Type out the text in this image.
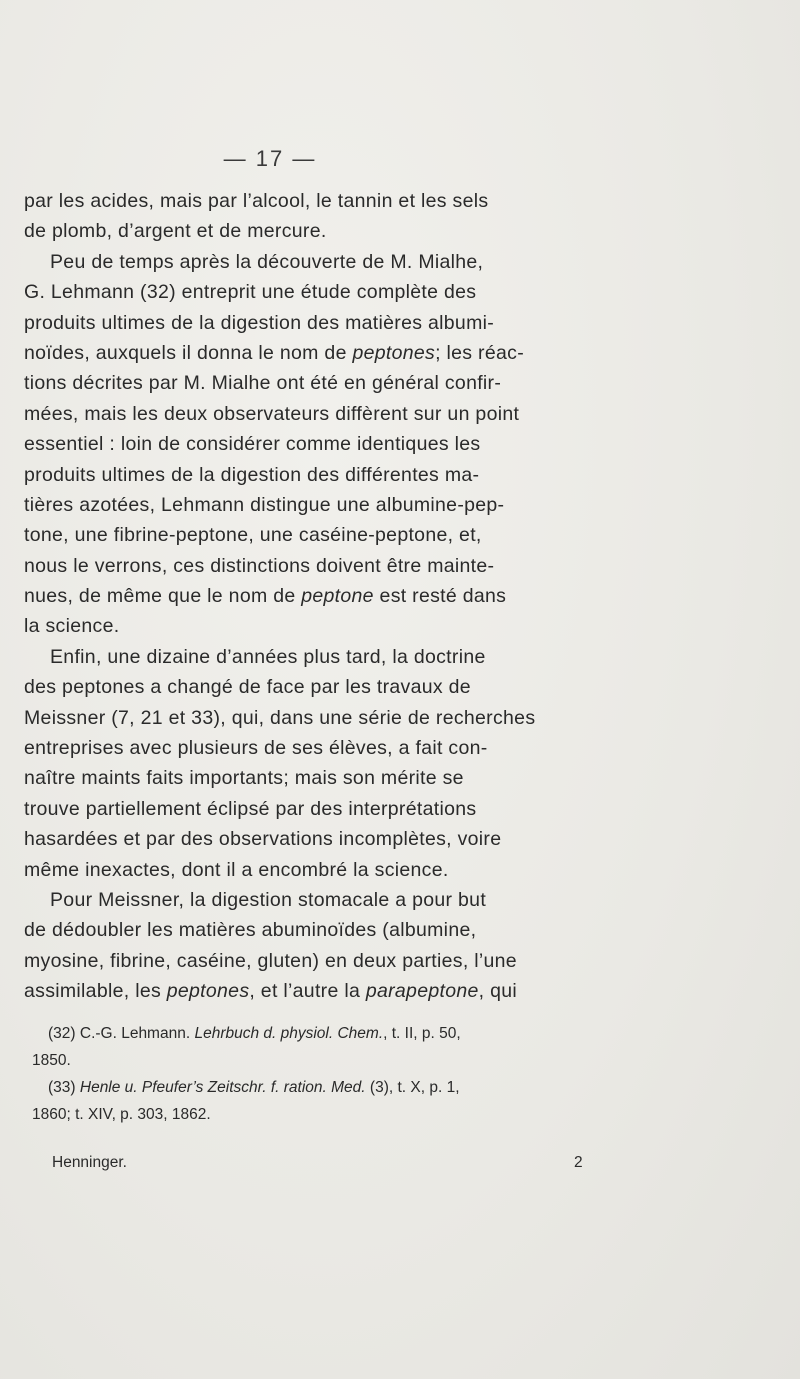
— 17 —
par les acides, mais par l’alcool, le tannin et les sels
de plomb, d’argent et de mercure.
Peu de temps après la découverte de M. Mialhe,
G. Lehmann (32) entreprit une étude complète des
produits ultimes de la digestion des matières albumi-
noïdes, auxquels il donna le nom de peptones; les réac-
tions décrites par M. Mialhe ont été en général confir-
mées, mais les deux observateurs diffèrent sur un point
essentiel : loin de considérer comme identiques les
produits ultimes de la digestion des différentes ma-
tières azotées, Lehmann distingue une albumine-pep-
tone, une fibrine-peptone, une caséine-peptone, et,
nous le verrons, ces distinctions doivent être mainte-
nues, de même que le nom de peptone est resté dans
la science.
Enfin, une dizaine d’années plus tard, la doctrine
des peptones a changé de face par les travaux de
Meissner (7, 21 et 33), qui, dans une série de recherches
entreprises avec plusieurs de ses élèves, a fait con-
naître maints faits importants; mais son mérite se
trouve partiellement éclipsé par des interprétations
hasardées et par des observations incomplètes, voire
même inexactes, dont il a encombré la science.
Pour Meissner, la digestion stomacale a pour but
de dédoubler les matières abuminoïdes (albumine,
myosine, fibrine, caséine, gluten) en deux parties, l’une
assimilable, les peptones, et l’autre la parapeptone, qui
(32) C.-G. Lehmann. Lehrbuch d. physiol. Chem., t. II, p. 50,
1850.
(33) Henle u. Pfeufer’s Zeitschr. f. ration. Med. (3), t. X, p. 1,
1860; t. XIV, p. 303, 1862.
Henninger.	2
